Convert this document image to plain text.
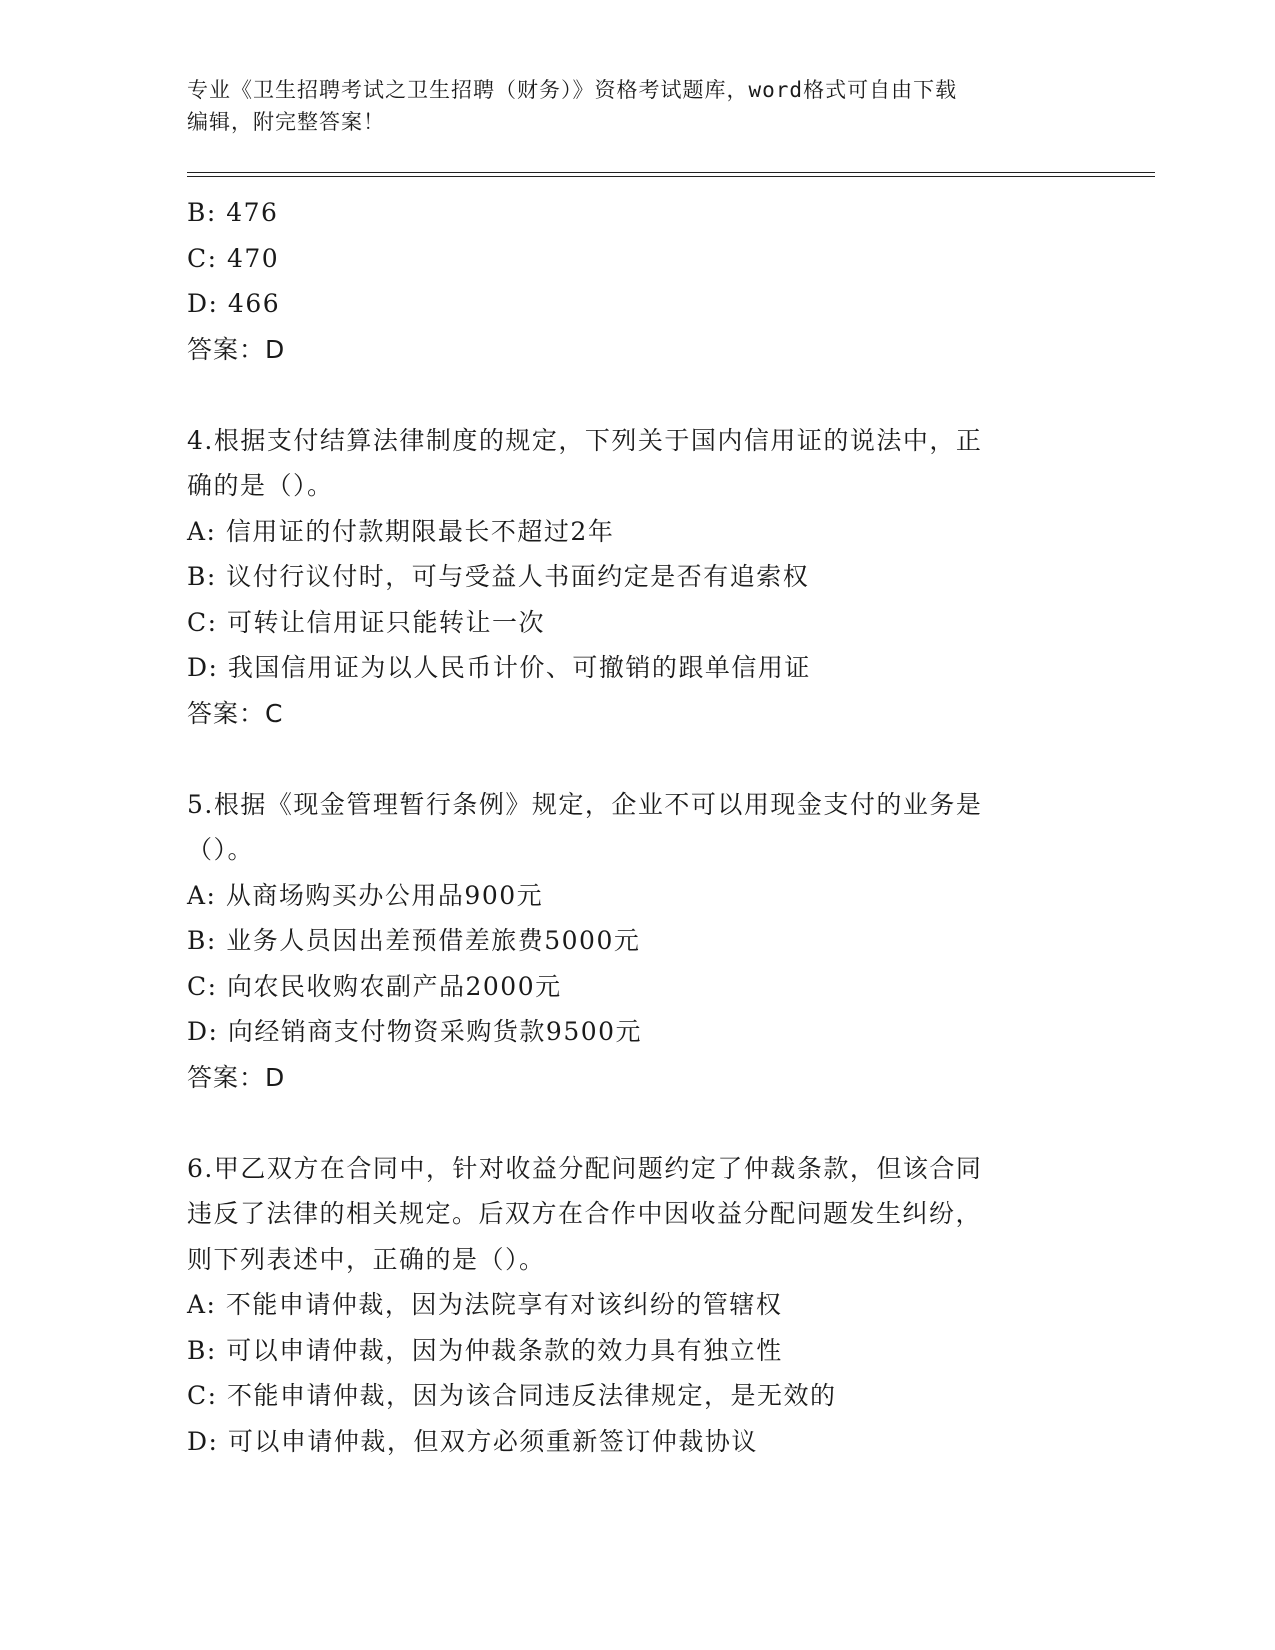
专业《卫生招聘考试之卫生招聘（财务）》资格考试题库，word格式可自由下载
编辑，附完整答案！
B: 476
C: 470
D: 466
答案：D
4.根据支付结算法律制度的规定，下列关于国内信用证的说法中，正
确的是（）。
A: 信用证的付款期限最长不超过2年
B: 议付行议付时，可与受益人书面约定是否有追索权
C: 可转让信用证只能转让一次
D: 我国信用证为以人民币计价、可撤销的跟单信用证
答案：C
5.根据《现金管理暂行条例》规定，企业不可以用现金支付的业务是
（）。
A: 从商场购买办公用品900元
B: 业务人员因出差预借差旅费5000元
C: 向农民收购农副产品2000元
D: 向经销商支付物资采购货款9500元
答案：D
6.甲乙双方在合同中，针对收益分配问题约定了仲裁条款，但该合同
违反了法律的相关规定。后双方在合作中因收益分配问题发生纠纷，
则下列表述中，正确的是（）。
A: 不能申请仲裁，因为法院享有对该纠纷的管辖权
B: 可以申请仲裁，因为仲裁条款的效力具有独立性
C: 不能申请仲裁，因为该合同违反法律规定，是无效的
D: 可以申请仲裁，但双方必须重新签订仲裁协议
